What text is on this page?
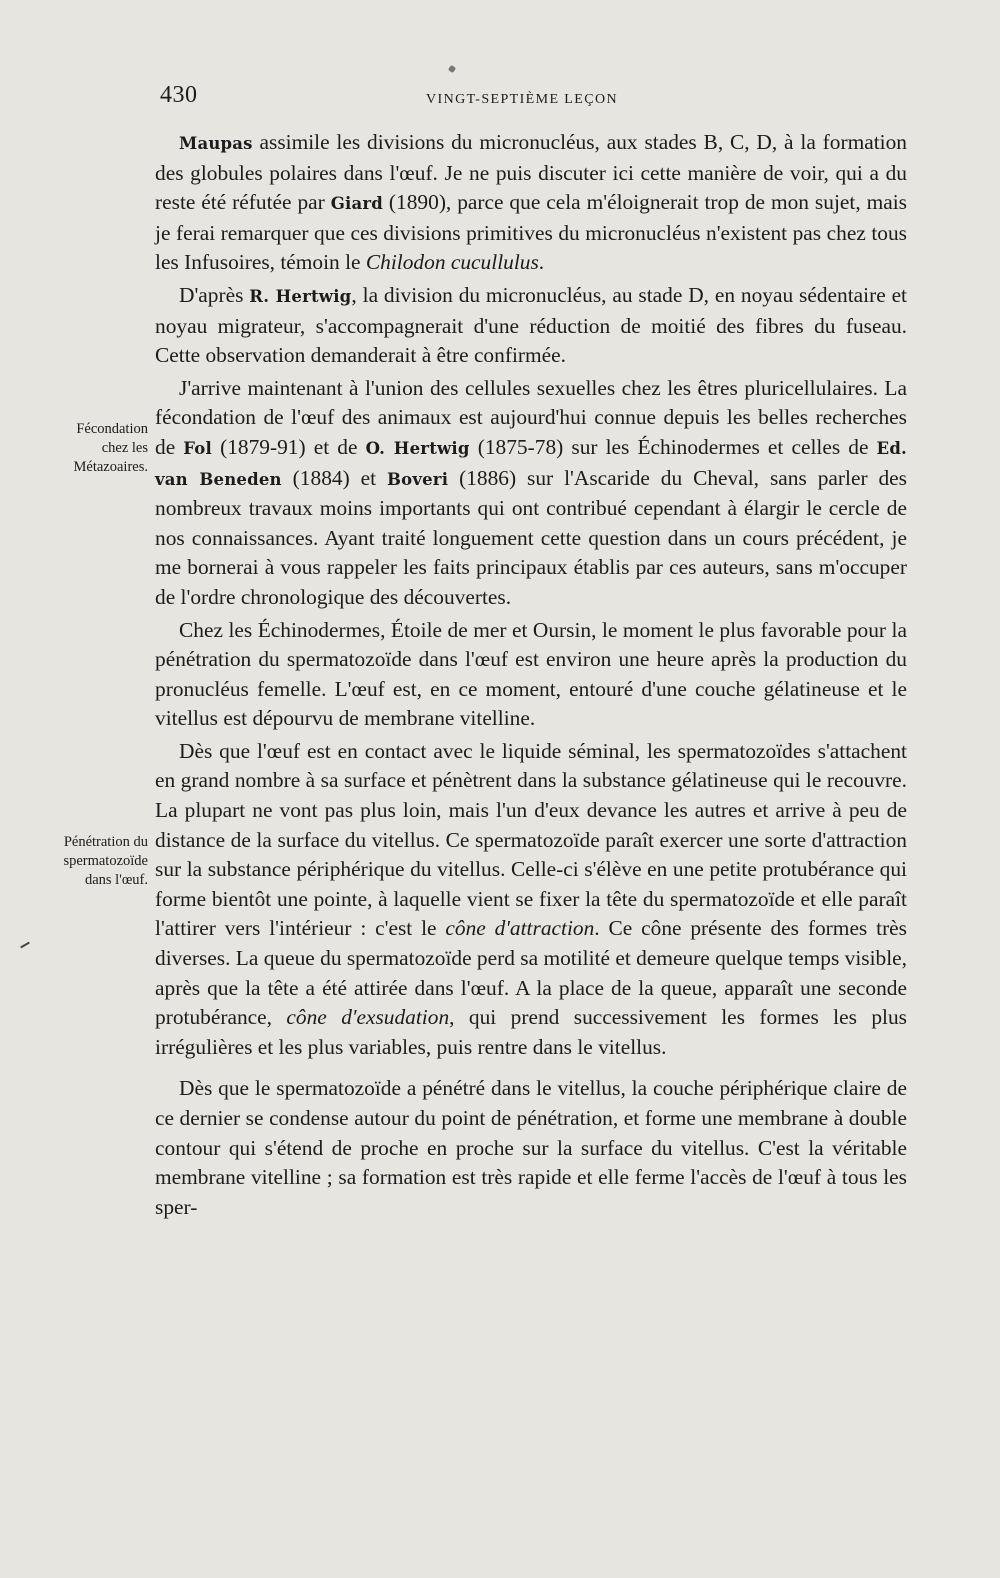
430	VINGT-SEPTIÈME LEÇON
Fécondation
chez les
Métazoaires.
Pénétration du
spermatozoïde
dans l'œuf.

Maupas assimile les divisions du micronucléus, aux stades B, C, D, à la formation des globules polaires dans l'œuf. Je ne puis discuter ici cette manière de voir, qui a du reste été réfutée par Giard (1890), parce que cela m'éloignerait trop de mon sujet, mais je ferai remarquer que ces divisions primitives du micronucléus n'existent pas chez tous les Infusoires, témoin le Chilodon cucullulus.

D'après R. Hertwig, la division du micronucléus, au stade D, en noyau sédentaire et noyau migrateur, s'accompagnerait d'une réduction de moitié des fibres du fuseau. Cette observation demanderait à être confirmée.

J'arrive maintenant à l'union des cellules sexuelles chez les êtres pluricellulaires. La fécondation de l'œuf des animaux est aujourd'hui connue depuis les belles recherches de Fol (1879-91) et de O. Hertwig (1875-78) sur les Échinodermes et celles de Ed. van Beneden (1884) et Boveri (1886) sur l'Ascaride du Cheval, sans parler des nombreux travaux moins importants qui ont contribué cependant à élargir le cercle de nos connaissances. Ayant traité longuement cette question dans un cours précédent, je me bornerai à vous rappeler les faits principaux établis par ces auteurs, sans m'occuper de l'ordre chronologique des découvertes.

Chez les Échinodermes, Étoile de mer et Oursin, le moment le plus favorable pour la pénétration du spermatozoïde dans l'œuf est environ une heure après la production du pronucléus femelle. L'œuf est, en ce moment, entouré d'une couche gélatineuse et le vitellus est dépourvu de membrane vitelline.

Dès que l'œuf est en contact avec le liquide séminal, les spermatozoïdes s'attachent en grand nombre à sa surface et pénètrent dans la substance gélatineuse qui le recouvre. La plupart ne vont pas plus loin, mais l'un d'eux devance les autres et arrive à peu de distance de la surface du vitellus. Ce spermatozoïde paraît exercer une sorte d'attraction sur la substance périphérique du vitellus. Celle-ci s'élève en une petite protubérance qui forme bientôt une pointe, à laquelle vient se fixer la tête du spermatozoïde et elle paraît l'attirer vers l'intérieur : c'est le cône d'attraction. Ce cône présente des formes très diverses. La queue du spermatozoïde perd sa motilité et demeure quelque temps visible, après que la tête a été attirée dans l'œuf. A la place de la queue, apparaît une seconde protubérance, cône d'exsudation, qui prend successivement les formes les plus irrégulières et les plus variables, puis rentre dans le vitellus.

Dès que le spermatozoïde a pénétré dans le vitellus, la couche périphérique claire de ce dernier se condense autour du point de pénétration, et forme une membrane à double contour qui s'étend de proche en proche sur la surface du vitellus. C'est la véritable membrane vitelline ; sa formation est très rapide et elle ferme l'accès de l'œuf à tous les sper-
